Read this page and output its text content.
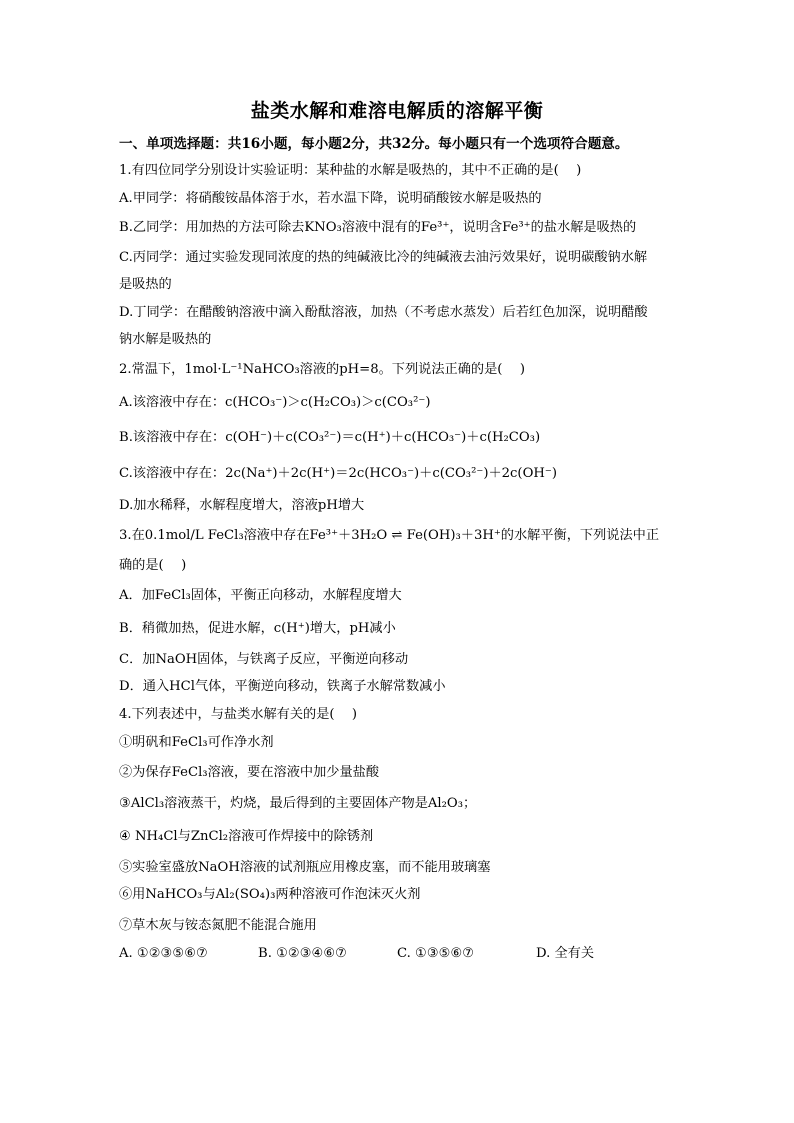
盐类水解和难溶电解质的溶解平衡
一、单项选择题：共16小题，每小题2分，共32分。每小题只有一个选项符合题意。
1.有四位同学分别设计实验证明：某种盐的水解是吸热的，其中不正确的是(　 )
A.甲同学：将硝酸铵晶体溶于水，若水温下降，说明硝酸铵水解是吸热的
B.乙同学：用加热的方法可除去KNO₃溶液中混有的Fe³⁺，说明含Fe³⁺的盐水解是吸热的
C.丙同学：通过实验发现同浓度的热的纯碱液比冷的纯碱液去油污效果好，说明碳酸钠水解
是吸热的
D.丁同学：在醋酸钠溶液中滴入酚酞溶液，加热（不考虑水蒸发）后若红色加深，说明醋酸
钠水解是吸热的
2.常温下，1mol·L⁻¹NaHCO₃溶液的pH=8。下列说法正确的是(　 )
A.该溶液中存在：c(HCO₃⁻)＞c(H₂CO₃)＞c(CO₃²⁻)
B.该溶液中存在：c(OH⁻)＋c(CO₃²⁻)＝c(H⁺)＋c(HCO₃⁻)＋c(H₂CO₃)
C.该溶液中存在：2c(Na⁺)＋2c(H⁺)＝2c(HCO₃⁻)＋c(CO₃²⁻)＋2c(OH⁻)
D.加水稀释，水解程度增大，溶液pH增大
3.在0.1mol/L FeCl₃溶液中存在Fe³⁺＋3H₂O ⇌ Fe(OH)₃＋3H⁺的水解平衡，下列说法中正
确的是(　 )
A．加FeCl₃固体，平衡正向移动，水解程度增大
B．稍微加热，促进水解，c(H⁺)增大，pH减小
C．加NaOH固体，与铁离子反应，平衡逆向移动
D．通入HCl气体，平衡逆向移动，铁离子水解常数减小
4.下列表述中，与盐类水解有关的是(　 )
①明矾和FeCl₃可作净水剂
②为保存FeCl₃溶液，要在溶液中加少量盐酸
③AlCl₃溶液蒸干，灼烧，最后得到的主要固体产物是Al₂O₃；
④ NH₄Cl与ZnCl₂溶液可作焊接中的除锈剂
⑤实验室盛放NaOH溶液的试剂瓶应用橡皮塞，而不能用玻璃塞
⑥用NaHCO₃与Al₂(SO₄)₃两种溶液可作泡沫灭火剂
⑦草木灰与铵态氮肥不能混合施用
A. ①②③⑤⑥⑦	B. ①②③④⑥⑦	C. ①③⑤⑥⑦	D. 全有关
